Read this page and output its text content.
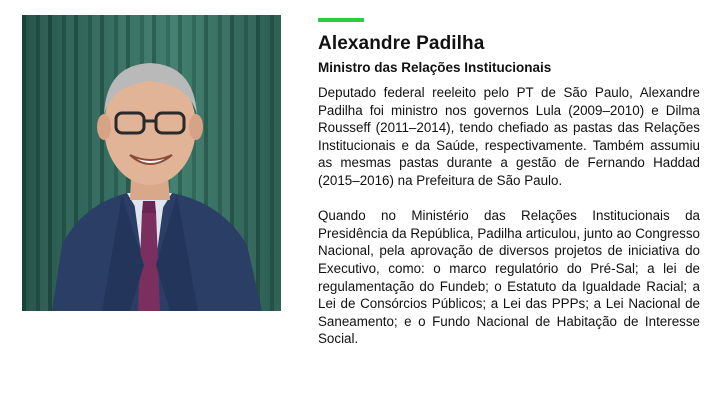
Alexandre Padilha
Ministro das Relações Institucionais

Deputado federal reeleito pelo PT de São Paulo, Alexandre Padilha foi ministro nos governos Lula (2009–2010) e Dilma Rousseff (2011–2014), tendo chefiado as pastas das Relações Institucionais e da Saúde, respectivamente. Também assumiu as mesmas pastas durante a gestão de Fernando Haddad (2015–2016) na Prefeitura de São Paulo.

Quando no Ministério das Relações Institucionais da Presidência da República, Padilha articulou, junto ao Congresso Nacional, pela aprovação de diversos projetos de iniciativa do Executivo, como: o marco regulatório do Pré-Sal; a lei de regulamentação do Fundeb; o Estatuto da Igualdade Racial; a Lei de Consórcios Públicos; a Lei das PPPs; a Lei Nacional de Saneamento; e o Fundo Nacional de Habitação de Interesse Social.
